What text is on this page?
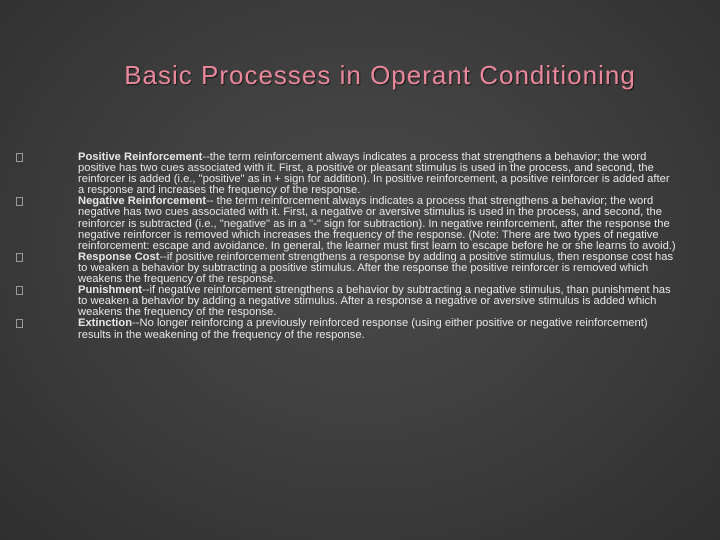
Basic Processes in Operant Conditioning
Positive Reinforcement--the term reinforcement always indicates a process that strengthens a behavior; the word positive has two cues associated with it. First, a positive or pleasant stimulus is used in the process, and second, the reinforcer is added (i.e., "positive" as in + sign for addition). In positive reinforcement, a positive reinforcer is added after a response and increases the frequency of the response.
Negative Reinforcement-- the term reinforcement always indicates a process that strengthens a behavior; the word negative has two cues associated with it. First, a negative or aversive stimulus is used in the process, and second, the reinforcer is subtracted (i.e., "negative" as in a "-" sign for subtraction). In negative reinforcement, after the response the negative reinforcer is removed which increases the frequency of the response. (Note: There are two types of negative reinforcement: escape and avoidance. In general, the learner must first learn to escape before he or she learns to avoid.)
Response Cost--if positive reinforcement strengthens a response by adding a positive stimulus, then response cost has to weaken a behavior by subtracting a positive stimulus. After the response the positive reinforcer is removed which weakens the frequency of the response.
Punishment--if negative reinforcement strengthens a behavior by subtracting a negative stimulus, than punishment has to weaken a behavior by adding a negative stimulus. After a response a negative or aversive stimulus is added which weakens the frequency of the response.
Extinction--No longer reinforcing a previously reinforced response (using either positive or negative reinforcement) results in the weakening of the frequency of the response.
